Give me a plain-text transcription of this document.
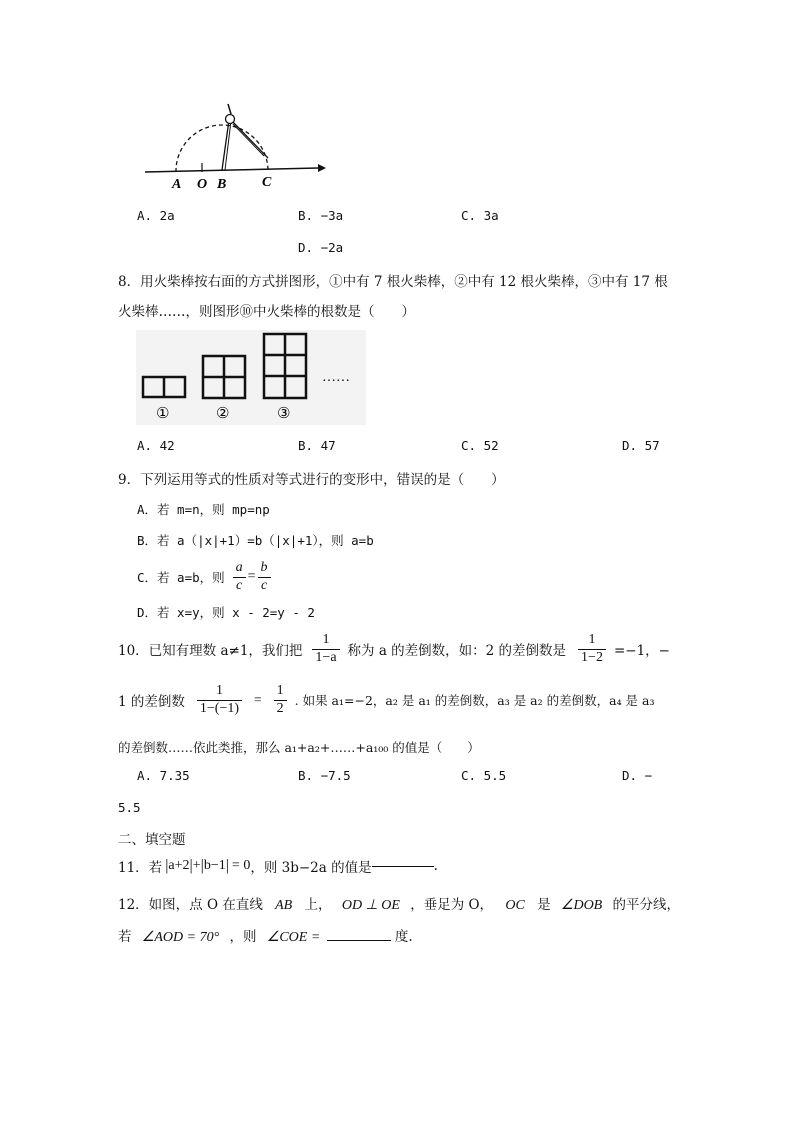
A O B	C
A. 2a	B. −3a	C. 3a
D. −2a
8．用火柴棒按右面的方式拼图形，①中有 7 根火柴棒，②中有 12 根火柴棒，③中有 17 根
火柴棒……，则图形⑩中火柴棒的根数是（　　）
……
①	②	③
A. 42	B. 47	C. 52	D. 57
9．下列运用等式的性质对等式进行的变形中，错误的是（　　）
A．若 m=n，则 mp=np
B．若 a（|x|+1）=b（|x|+1），则 a=b
C．若 a=b，则 $\frac{a}{c} = \frac{b}{c}$
D．若 x=y，则 x - 2=y - 2
10．已知有理数 a≠1，我们把 $\frac{1}{1-a}$ 称为 a 的差倒数，如：2 的差倒数是 $\frac{1}{1-2} =-1$，−
1 的差倒数 $\frac{1}{1-(-1)} = \frac{1}{2}$ . 如果 a₁=−2，a₂ 是 a₁ 的差倒数，a₃ 是 a₂ 的差倒数，a₄ 是 a₃
的差倒数……依此类推，那么 a₁+a₂+……+a₁₀₀ 的值是（　　）
A. 7.35	B. −7.5	C. 5.5	D. −
5.5
二、填空题
11．若 | a+2 | + | b−1 | = 0 ，则 3b−2a 的值是	.
12．如图，点 O 在直线 AB 上， OD ⊥ OE ，垂足为 O， OC 是 ∠DOB 的平分线，
若 ∠AOD = 70° ，则 ∠COE =	度.
